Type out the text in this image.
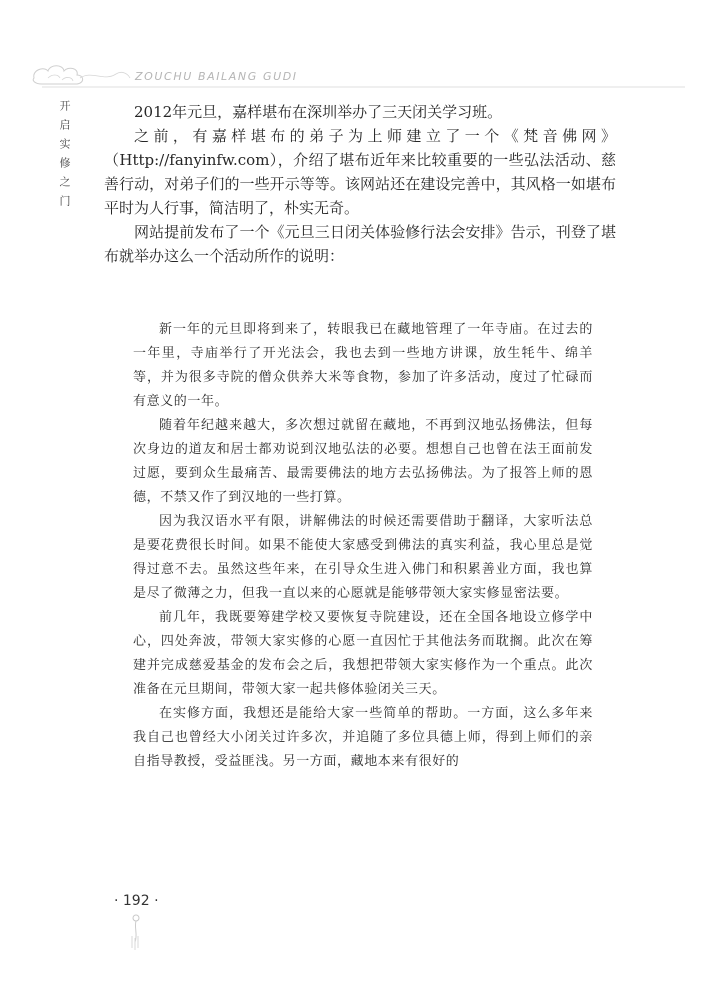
ZOUCHU BAILANG GUDI
开启实修之门	2012年元旦，嘉样堪布在深圳举办了三天闭关学习班。

之前，有嘉样堪布的弟子为上师建立了一个《梵音佛网》（Http://fanyinfw.com），介绍了堪布近年来比较重要的一些弘法活动、慈善行动，对弟子们的一些开示等等。该网站还在建设完善中，其风格一如堪布平时为人行事，简洁明了，朴实无奇。

网站提前发布了一个《元旦三日闭关体验修行法会安排》告示，刊登了堪布就举办这么一个活动所作的说明：

新一年的元旦即将到来了，转眼我已在藏地管理了一年寺庙。在过去的一年里，寺庙举行了开光法会，我也去到一些地方讲课，放生牦牛、绵羊等，并为很多寺院的僧众供养大米等食物，参加了许多活动，度过了忙碌而有意义的一年。

随着年纪越来越大，多次想过就留在藏地，不再到汉地弘扬佛法，但每次身边的道友和居士都劝说到汉地弘法的必要。想想自己也曾在法王面前发过愿，要到众生最痛苦、最需要佛法的地方去弘扬佛法。为了报答上师的恩德，不禁又作了到汉地的一些打算。

因为我汉语水平有限，讲解佛法的时候还需要借助于翻译，大家听法总是要花费很长时间。如果不能使大家感受到佛法的真实利益，我心里总是觉得过意不去。虽然这些年来，在引导众生进入佛门和积累善业方面，我也算是尽了微薄之力，但我一直以来的心愿就是能够带领大家实修显密法要。

前几年，我既要筹建学校又要恢复寺院建设，还在全国各地设立修学中心，四处奔波，带领大家实修的心愿一直因忙于其他法务而耽搁。此次在筹建并完成慈爱基金的发布会之后，我想把带领大家实修作为一个重点。此次准备在元旦期间，带领大家一起共修体验闭关三天。

在实修方面，我想还是能给大家一些简单的帮助。一方面，这么多年来我自己也曾经大小闭关过许多次，并追随了多位具德上师，得到上师们的亲自指导教授，受益匪浅。另一方面，藏地本来有很好的

· 192 ·
